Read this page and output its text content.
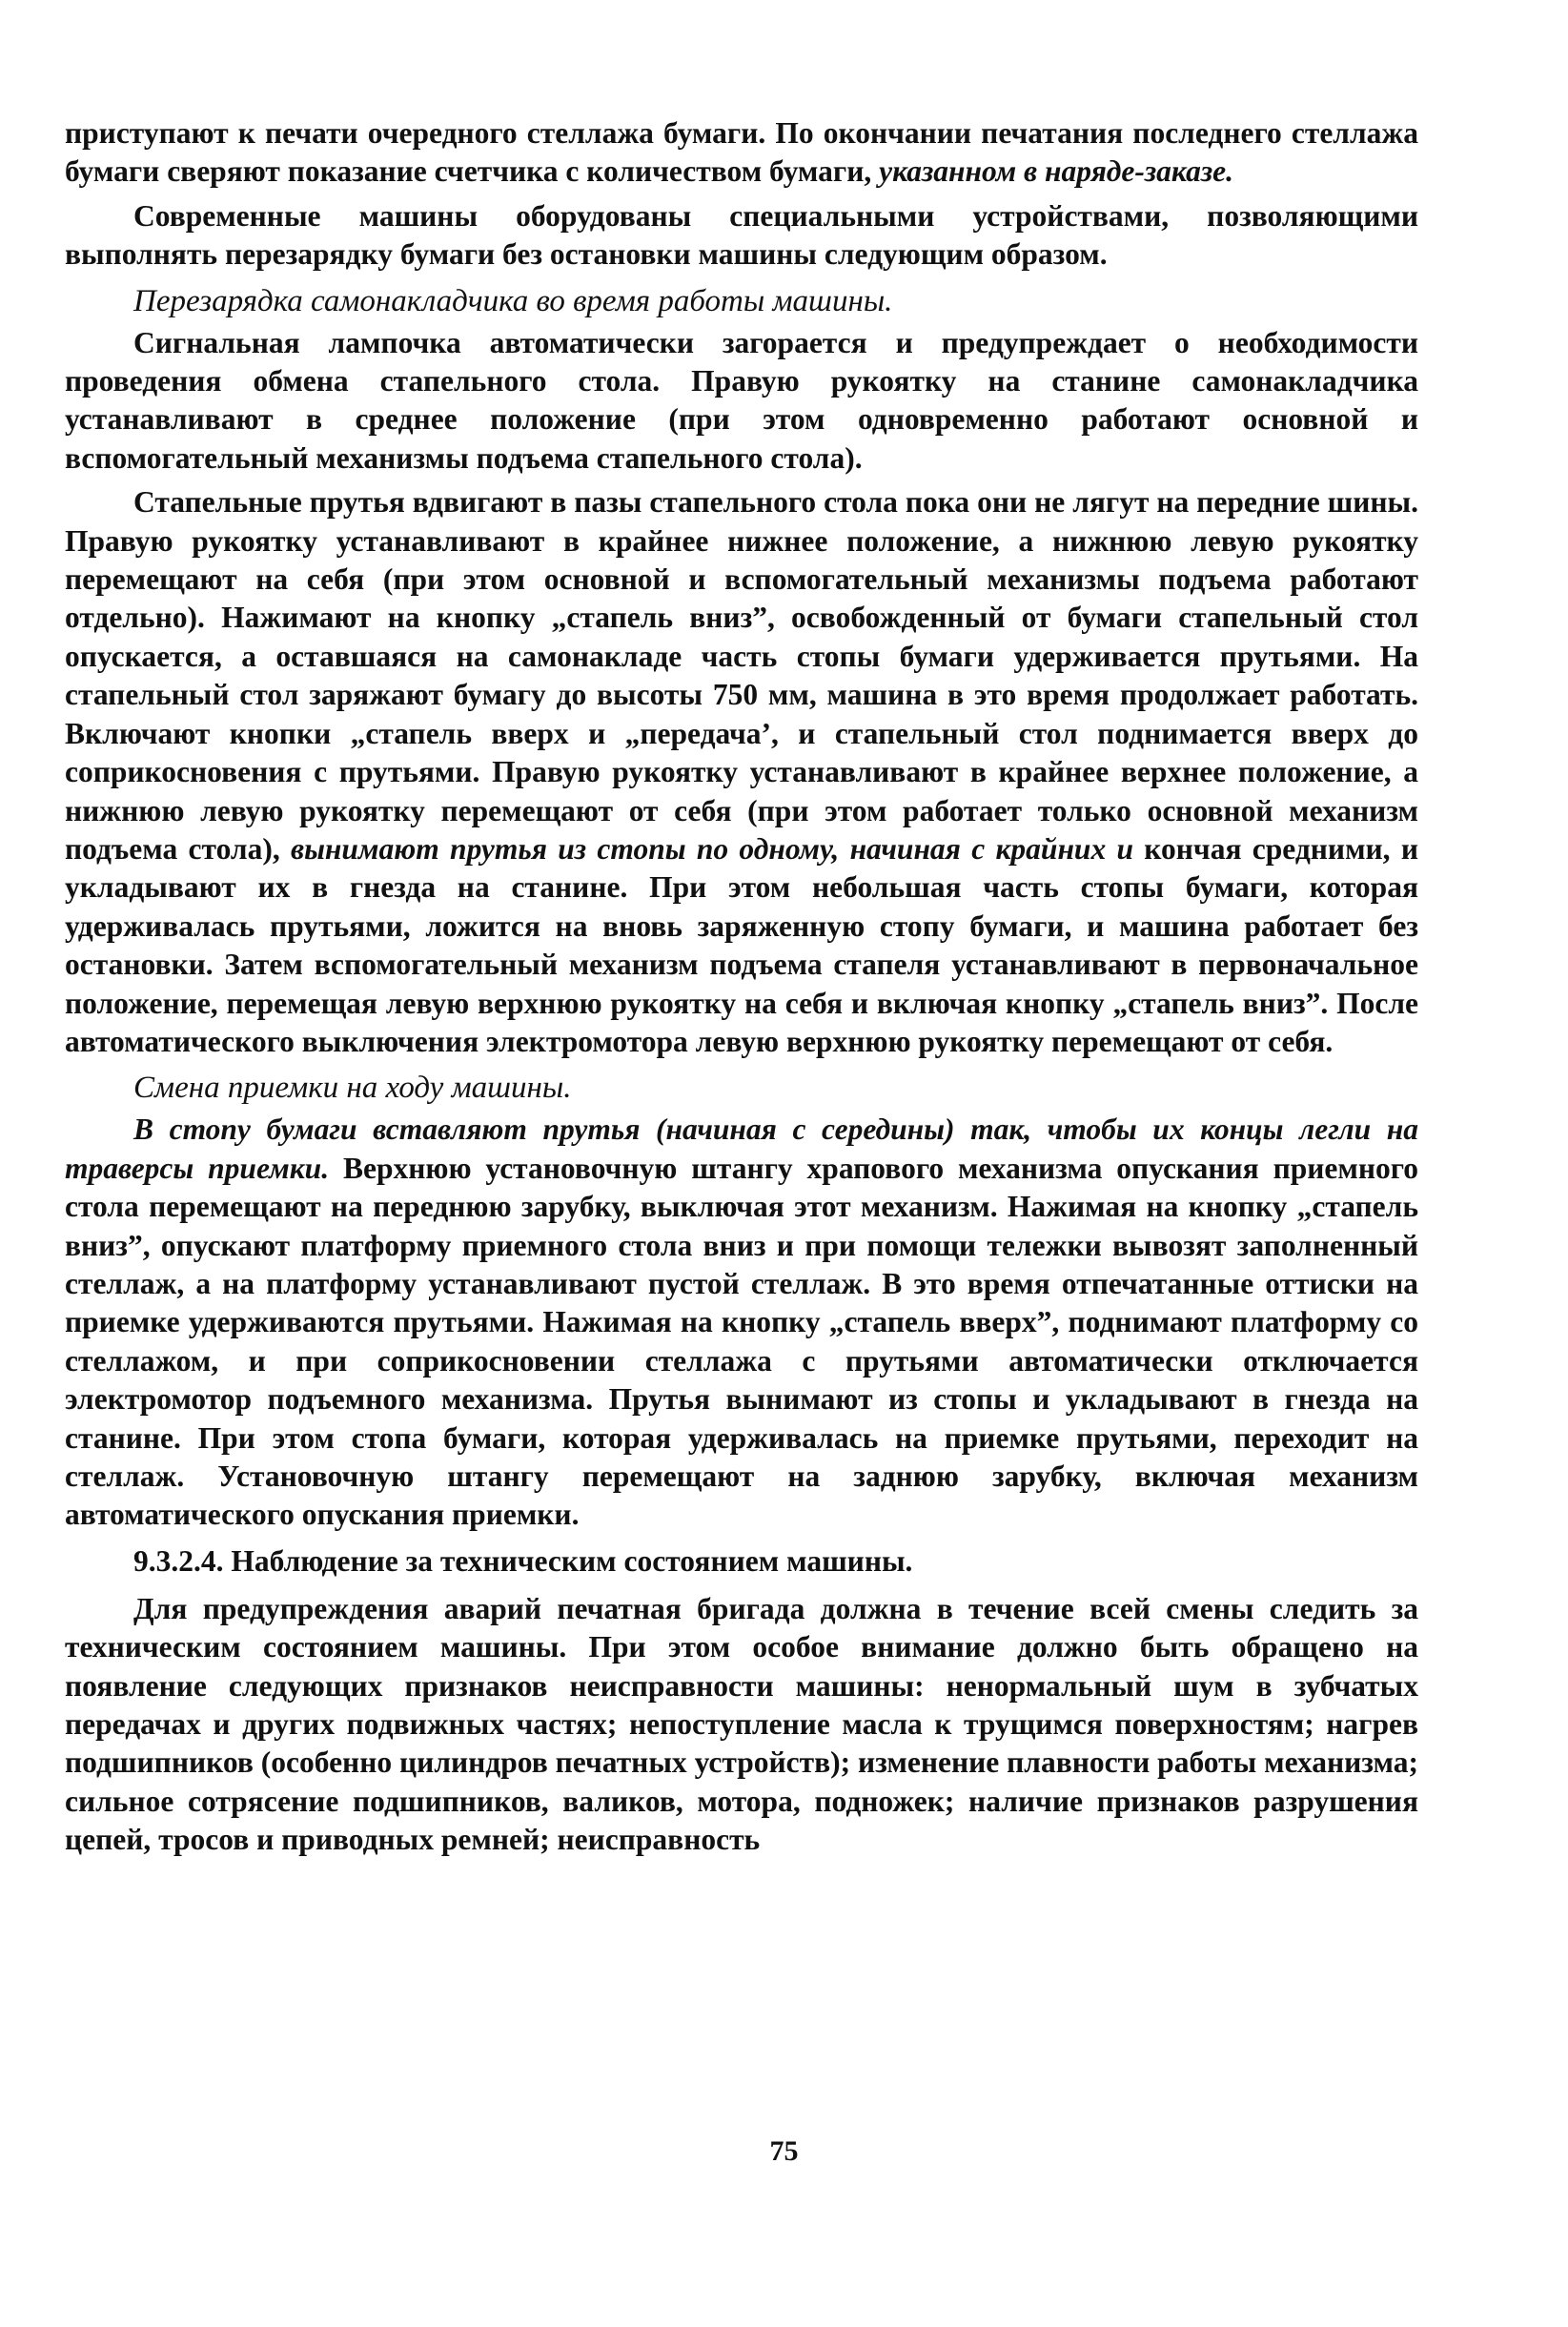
приступают к печати очередного стеллажа бумаги. По окончании печатания последнего стеллажа бумаги сверяют показание счетчика с количеством бумаги, указанном в наряде-заказе.

Современные машины оборудованы специальными устройствами, позволяющими выполнять перезарядку бумаги без остановки машины следующим образом.

Перезарядка самонакладчика во время работы машины.

Сигнальная лампочка автоматически загорается и предупреждает о необходимости проведения обмена стапельного стола. Правую рукоятку на станине самонакладчика устанавливают в среднее положение (при этом одновременно работают основной и вспомогательный механизмы подъема стапельного стола).

Стапельные прутья вдвигают в пазы стапельного стола пока они не лягут на передние шины. Правую рукоятку устанавливают в крайнее нижнее положение, а нижнюю левую рукоятку перемещают на себя (при этом основной и вспомогательный механизмы подъема работают отдельно). Нажимают на кнопку „стапель вниз”, освобожденный от бумаги стапельный стол опускается, а оставшаяся на самонакладе часть стопы бумаги удерживается прутьями. На стапельный стол заряжают бумагу до высоты 750 мм, машина в это время продолжает работать. Включают кнопки „стапель вверх и „передача’, и стапельный стол поднимается вверх до соприкосновения с прутьями. Правую рукоятку устанавливают в крайнее верхнее положение, а нижнюю левую рукоятку перемещают от себя (при этом работает только основной механизм подъема стола), вынимают прутья из стопы по одному, начиная с крайних и кончая средними, и укладывают их в гнезда на станине. При этом небольшая часть стопы бумаги, которая удерживалась прутьями, ложится на вновь заряженную стопу бумаги, и машина работает без остановки. Затем вспомогательный механизм подъема стапеля устанавливают в первоначальное положение, перемещая левую верхнюю рукоятку на себя и включая кнопку „стапель вниз”. После автоматического выключения электромотора левую верхнюю рукоятку перемещают от себя.

Смена приемки на ходу машины.

В стопу бумаги вставляют прутья (начиная с середины) так, чтобы их концы легли на траверсы приемки. Верхнюю установочную штангу храпового механизма опускания приемного стола перемещают на переднюю зарубку, выключая этот механизм. Нажимая на кнопку „стапель вниз”, опускают платформу приемного стола вниз и при помощи тележки вывозят заполненный стеллаж, а на платформу устанавливают пустой стеллаж. В это время отпечатанные оттиски на приемке удерживаются прутьями. Нажимая на кнопку „стапель вверх”, поднимают платформу со стеллажом, и при соприкосновении стеллажа с прутьями автоматически отключается электромотор подъемного механизма. Прутья вынимают из стопы и укладывают в гнезда на станине. При этом стопа бумаги, которая удерживалась на приемке прутьями, переходит на стеллаж. Установочную штангу перемещают на заднюю зарубку, включая механизм автоматического опускания приемки.

9.3.2.4. Наблюдение за техническим состоянием машины.

Для предупреждения аварий печатная бригада должна в течение всей смены следить за техническим состоянием машины. При этом особое внимание должно быть обращено на появление следующих признаков неисправности машины: ненормальный шум в зубчатых передачах и других подвижных частях; непоступление масла к трущимся поверхностям; нагрев подшипников (особенно цилиндров печатных устройств); изменение плавности работы механизма; сильное сотрясение подшипников, валиков, мотора, подножек; наличие признаков разрушения цепей, тросов и приводных ремней; неисправность

75
